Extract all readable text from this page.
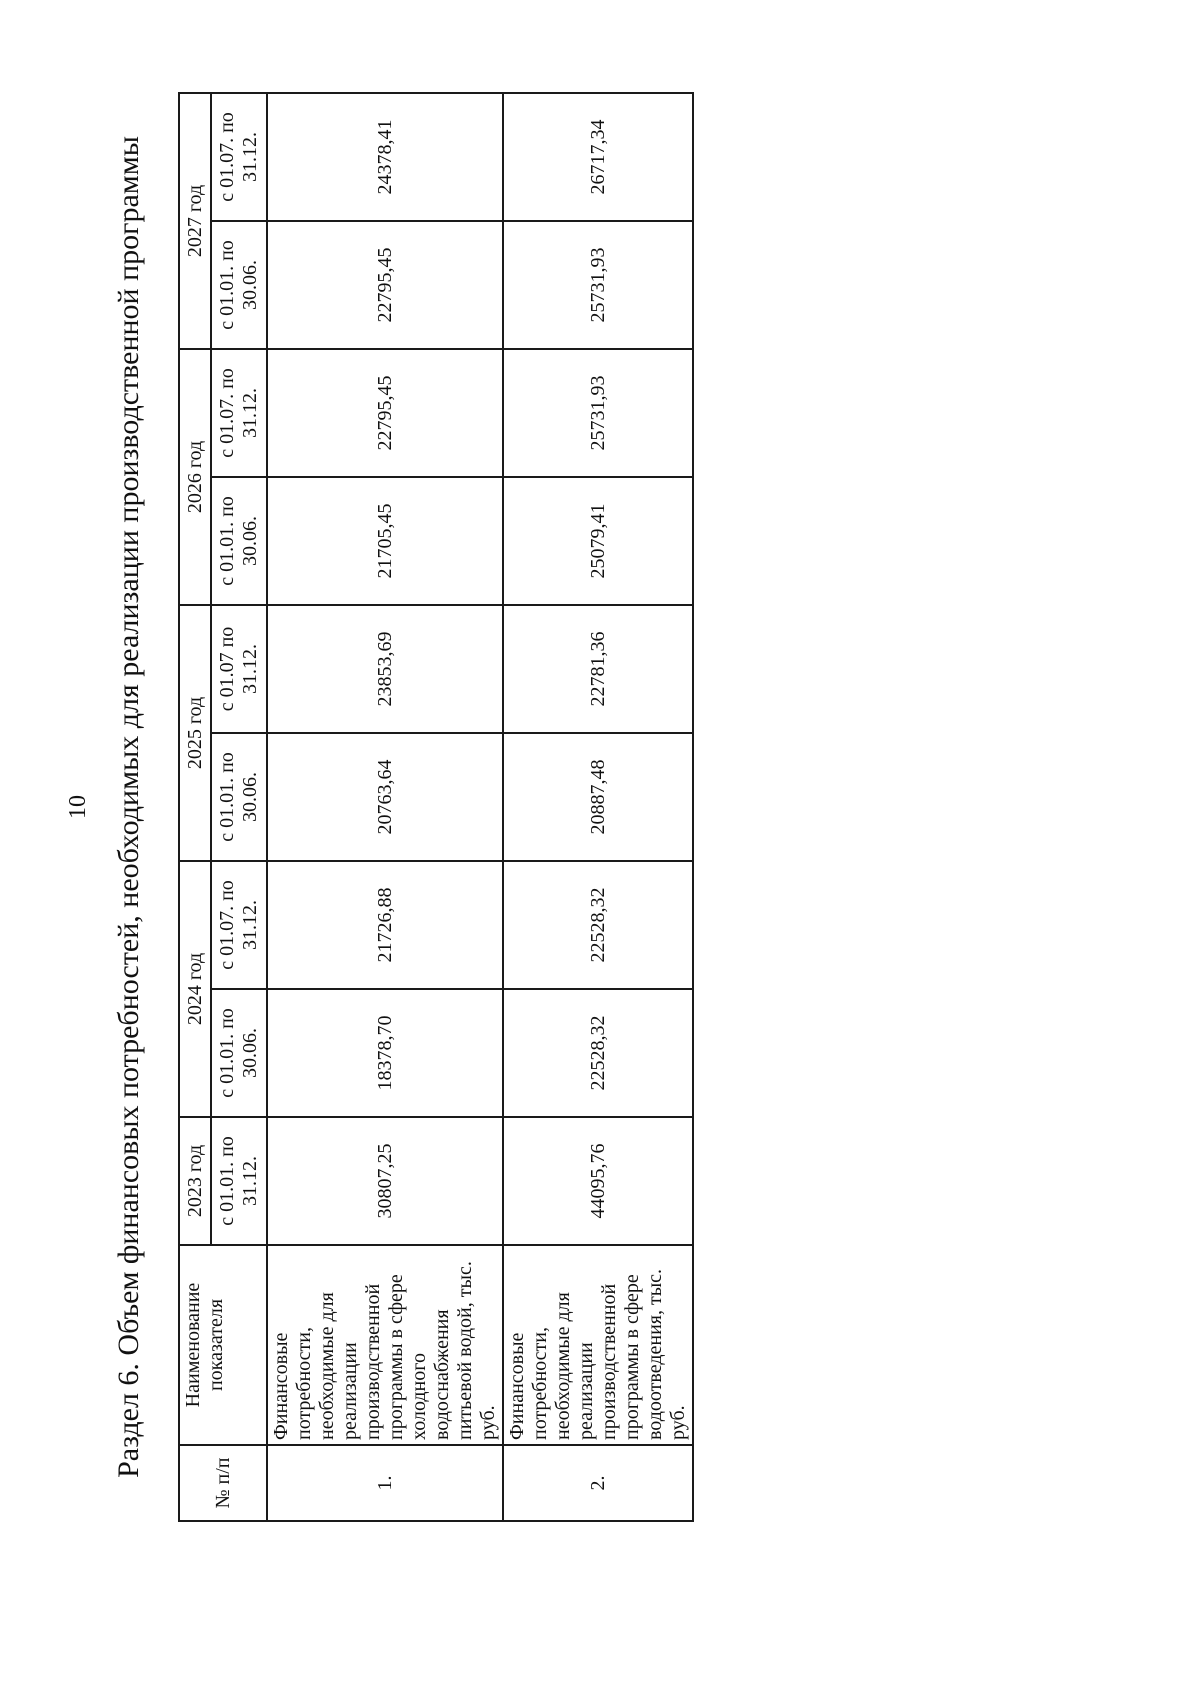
10 Раздел 6. Объем финансовых потребностей, необходимых для реализации производственной программы
№ п/п	Наименование показателя	2023 год	2024 год		2025 год		2026 год		2027 год	
		с 01.01. по 31.12.	с 01.01. по 30.06.	с 01.07. по 31.12.	с 01.01. по 30.06.	с 01.07 по 31.12.	с 01.01. по 30.06.	с 01.07. по 31.12.	с 01.01. по 30.06.	с 01.07. по 31.12.
1.	Финансовые потребности, необходимые для реализации производственной программы в сфере холодного водоснабжения питьевой водой, тыс. руб.	30807,25	18378,70	21726,88	20763,64	23853,69	21705,45	22795,45	22795,45	24378,41
2.	Финансовые потребности, необходимые для реализации производственной программы в сфере водоотведения, тыс. руб.	44095,76	22528,32	22528,32	20887,48	22781,36	25079,41	25731,93	25731,93	26717,34
